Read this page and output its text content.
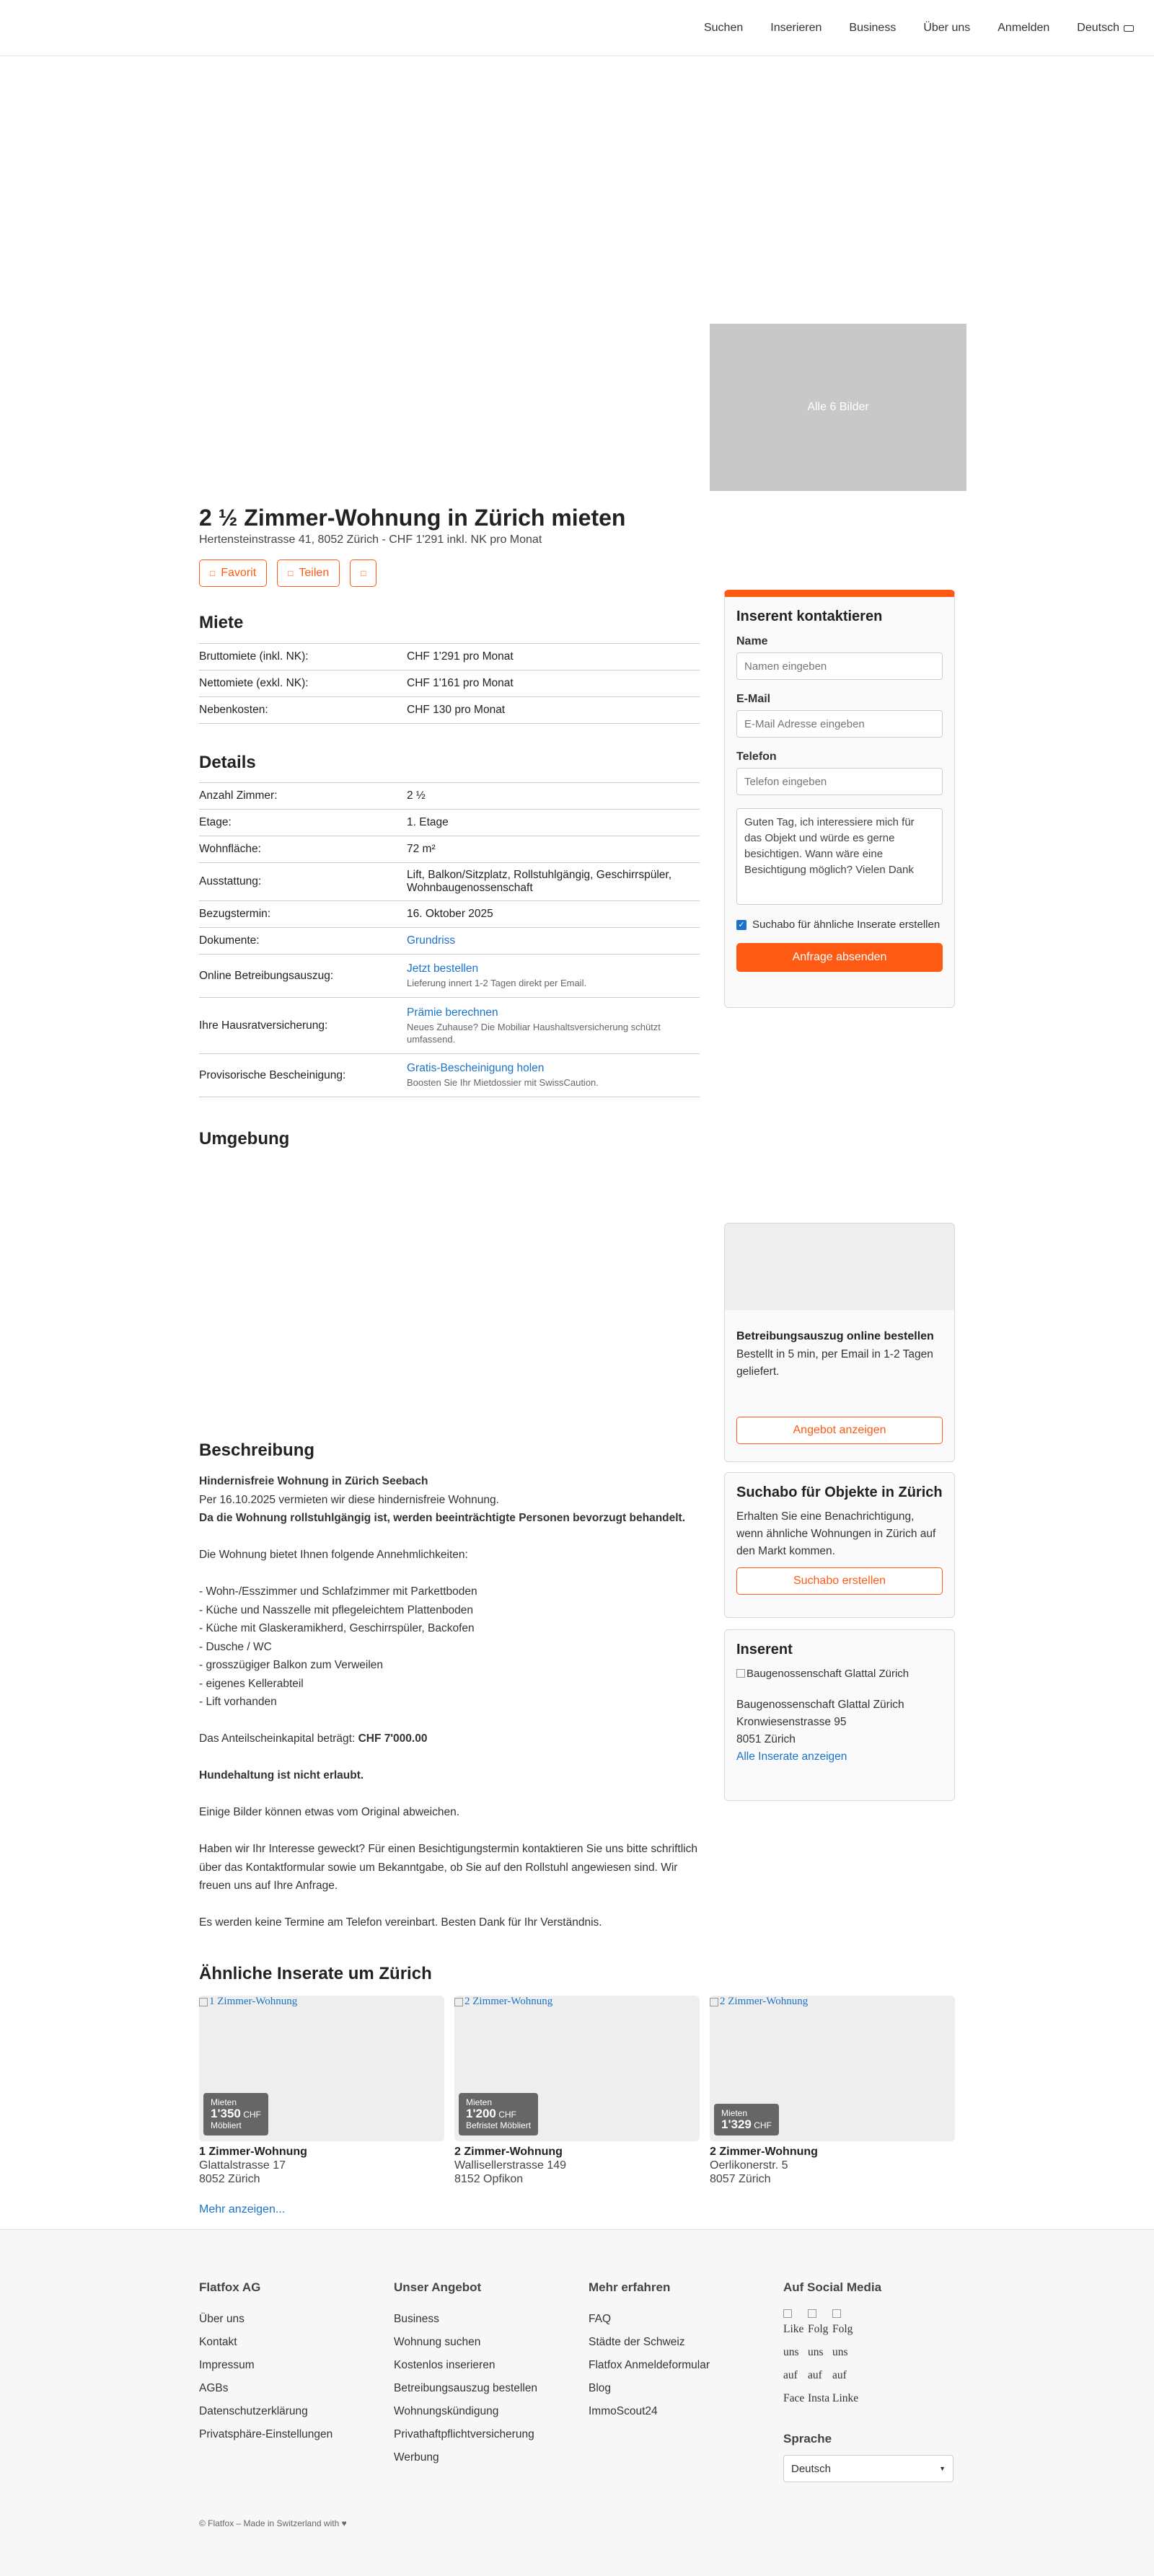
Suchen Inserieren Business Über uns Anmelden Deutsch
Alle 6 Bilder
2 ½ Zimmer-Wohnung in Zürich mieten
Hertensteinstrasse 41, 8052 Zürich - CHF 1'291 inkl. NK pro Monat
□ Favorit	□ Teilen	□
Miete
Bruttomiete (inkl. NK):	CHF 1'291 pro Monat
Nettomiete (exkl. NK):	CHF 1'161 pro Monat
Nebenkosten:	CHF 130 pro Monat
Details
Anzahl Zimmer:	2 ½
Etage:	1. Etage
Wohnfläche:	72 m²
Ausstattung:
Lift, Balkon/Sitzplatz, Rollstuhlgängig, Geschirrspüler, Wohnbaugenossenschaft
Bezugstermin:	16. Oktober 2025
Dokumente:	Grundriss
Online Betreibungsauszug:
Jetzt bestellen
Lieferung innert 1-2 Tagen direkt per Email.
Ihre Hausratversicherung:
Prämie berechnen
Neues Zuhause? Die Mobiliar Haushaltsversicherung schützt umfassend.
Provisorische Bescheinigung:
Gratis-Bescheinigung holen
Boosten Sie Ihr Mietdossier mit SwissCaution.
Umgebung
Inserent kontaktieren
Name
Namen eingeben
E-Mail
E-Mail Adresse eingeben
Telefon
Telefon eingeben Guten Tag, ich interessiere mich für das Objekt und würde es gerne besichtigen. Wann wäre eine Besichtigung möglich? Vielen Dank
✓ Suchabo für ähnliche Inserate erstellen
Anfrage absenden
Betreibungsauszug online bestellen

Bestellt in 5 min, per Email in 1-2 Tagen geliefert.

Angebot anzeigen
Suchabo für Objekte in Zürich

Erhalten Sie eine Benachrichtigung, wenn ähnliche Wohnungen in Zürich auf den Markt kommen.

Suchabo erstellen
Inserent
Baugenossenschaft Glattal Zürich

Baugenossenschaft Glattal Zürich

Kronwiesenstrasse 95

8051 Zürich

Alle Inserate anzeigen

Beschreibung
Hindernisfreie Wohnung in Zürich Seebach
Per 16.10.2025 vermieten wir diese hindernisfreie Wohnung.
Da die Wohnung rollstuhlgängig ist, werden beeinträchtigte Personen bevorzugt behandelt.

Die Wohnung bietet Ihnen folgende Annehmlichkeiten:

- Wohn-/Esszimmer und Schlafzimmer mit Parkettboden
- Küche und Nasszelle mit pflegeleichtem Plattenboden
- Küche mit Glaskeramikherd, Geschirrspüler, Backofen
- Dusche / WC
- grosszügiger Balkon zum Verweilen
- eigenes Kellerabteil
- Lift vorhanden

Das Anteilscheinkapital beträgt: CHF 7'000.00

Hundehaltung ist nicht erlaubt.

Einige Bilder können etwas vom Original abweichen.

Haben wir Ihr Interesse geweckt? Für einen Besichtigungstermin kontaktieren Sie uns bitte schriftlich über das Kontaktformular sowie um Bekanntgabe, ob Sie auf den Rollstuhl angewiesen sind. Wir freuen uns auf Ihre Anfrage.

Es werden keine Termine am Telefon vereinbart. Besten Dank für Ihr Verständnis.
Ähnliche Inserate um Zürich
1 Zimmer-Wohnung
Mieten
1'350 CHF
Möbliert
1 Zimmer-Wohnung
Glattalstrasse 17
8052 Zürich
2 Zimmer-Wohnung
Mieten
1'200 CHF
Befristet Möbliert
2 Zimmer-Wohnung
Wallisellerstrasse 149
8152 Opfikon
2 Zimmer-Wohnung
Mieten
1'329 CHF
2 Zimmer-Wohnung
Oerlikonerstr. 5
8057 Zürich
Mehr anzeigen...
Flatfox AG
Über uns
Kontakt
Impressum
AGBs
Datenschutzerklärung
Privatsphäre-Einstellungen
Unser Angebot
Business
Wohnung suchen
Kostenlos inserieren
Betreibungsauszug bestellen
Wohnungskündigung
Privathaftpflichtversicherung
Werbung
Mehr erfahren
FAQ
Städte der Schweiz
Flatfox Anmeldeformular
Blog
ImmoScout24
Auf Social Media
Like
uns
auf
Face
Folg
uns
auf
Insta
Folg
uns
auf
Linke
Sprache
Deutsch	▼
© Flatfox – Made in Switzerland with ♥
